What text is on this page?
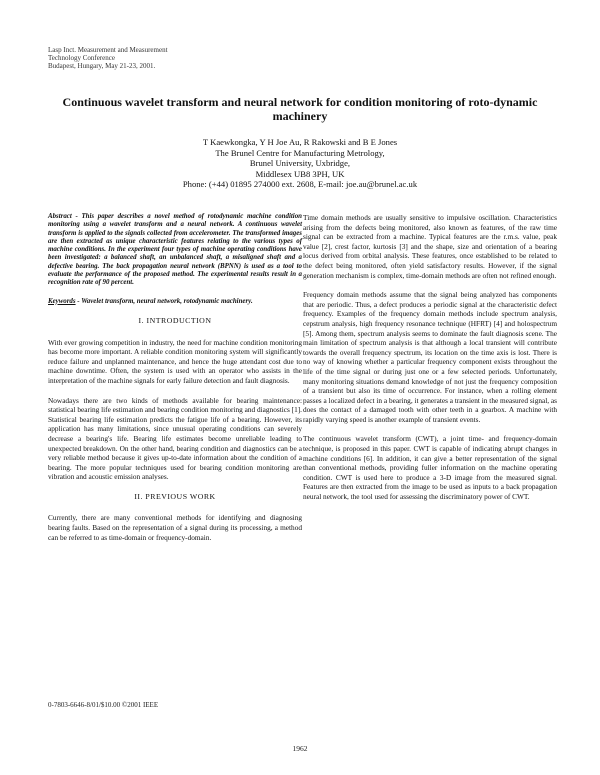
Lasp Inct. Measurement and Measurement
Technology Conference
Budapest, Hungary, May 21-23, 2001.
Continuous wavelet transform and neural network for condition monitoring of roto-dynamic machinery
T Kaewkongka, Y H Joe Au, R Rakowski and B E Jones
The Brunel Centre for Manufacturing Metrology,
Brunel University, Uxbridge,
Middlesex UB8 3PH, UK
Phone: (+44) 01895 274000 ext. 2608, E-mail: joe.au@brunel.ac.uk

Abstract - This paper describes a novel method of rotodynamic machine condition monitoring using a wavelet transform and a neural network. A continuous wavelet transform is applied to the signals collected from accelerometer. The transformed images are then extracted as unique characteristic features relating to the various types of machine conditions. In the experiment four types of machine operating conditions have been investigated: a balanced shaft, an unbalanced shaft, a misaligned shaft and a defective bearing. The back propagation neural network (BPNN) is used as a tool to evaluate the performance of the proposed method. The experimental results result in a recognition rate of 90 percent.

Keywords - Wavelet transform, neural network, rotodynamic machinery.

I. INTRODUCTION

With ever growing competition in industry, the need for machine condition monitoring has become more important. A reliable condition monitoring system will significantly reduce failure and unplanned maintenance, and hence the huge attendant cost due to machine downtime. Often, the system is used with an operator who assists in the interpretation of the machine signals for early failure detection and fault diagnosis.

Nowadays there are two kinds of methods available for bearing maintenance: statistical bearing life estimation and bearing condition monitoring and diagnostics [1]. Statistical bearing life estimation predicts the fatigue life of a bearing. However, its application has many limitations, since unusual operating conditions can severely decrease a bearing's life. Bearing life estimates become unreliable leading to unexpected breakdown. On the other hand, bearing condition and diagnostics can be a very reliable method because it gives up-to-date information about the condition of a bearing. The more popular techniques used for bearing condition monitoring are vibration and acoustic emission analyses.

II. PREVIOUS WORK

Currently, there are many conventional methods for identifying and diagnosing bearing faults. Based on the representation of a signal during its processing, a method can be referred to as time-domain or frequency-domain.

Time domain methods are usually sensitive to impulsive oscillation. Characteristics arising from the defects being monitored, also known as features, of the raw time signal can be extracted from a machine. Typical features are the r.m.s. value, peak value [2], crest factor, kurtosis [3] and the shape, size and orientation of a bearing locus derived from orbital analysis. These features, once established to be related to the defect being monitored, often yield satisfactory results. However, if the signal generation mechanism is complex, time-domain methods are often not refined enough.

Frequency domain methods assume that the signal being analyzed has components that are periodic. Thus, a defect produces a periodic signal at the characteristic defect frequency. Examples of the frequency domain methods include spectrum analysis, cepstrum analysis, high frequency resonance technique (HFRT) [4] and holospectrum [5]. Among them, spectrum analysis seems to dominate the fault diagnosis scene. The main limitation of spectrum analysis is that although a local transient will contribute towards the overall frequency spectrum, its location on the time axis is lost. There is no way of knowing whether a particular frequency component exists throughout the life of the time signal or during just one or a few selected periods. Unfortunately, many monitoring situations demand knowledge of not just the frequency composition of a transient but also its time of occurrence. For instance, when a rolling element passes a localized defect in a bearing, it generates a transient in the measured signal, as does the contact of a damaged tooth with other teeth in a gearbox. A machine with rapidly varying speed is another example of transient events.

The continuous wavelet transform (CWT), a joint time- and frequency-domain technique, is proposed in this paper. CWT is capable of indicating abrupt changes in machine conditions [6]. In addition, it can give a better representation of the signal than conventional methods, providing fuller information on the machine operating condition. CWT is used here to produce a 3-D image from the measured signal. Features are then extracted from the image to be used as inputs to a back propagation neural network, the tool used for assessing the discriminatory power of CWT.

0-7803-6646-8/01/$10.00 ©2001 IEEE
1962
